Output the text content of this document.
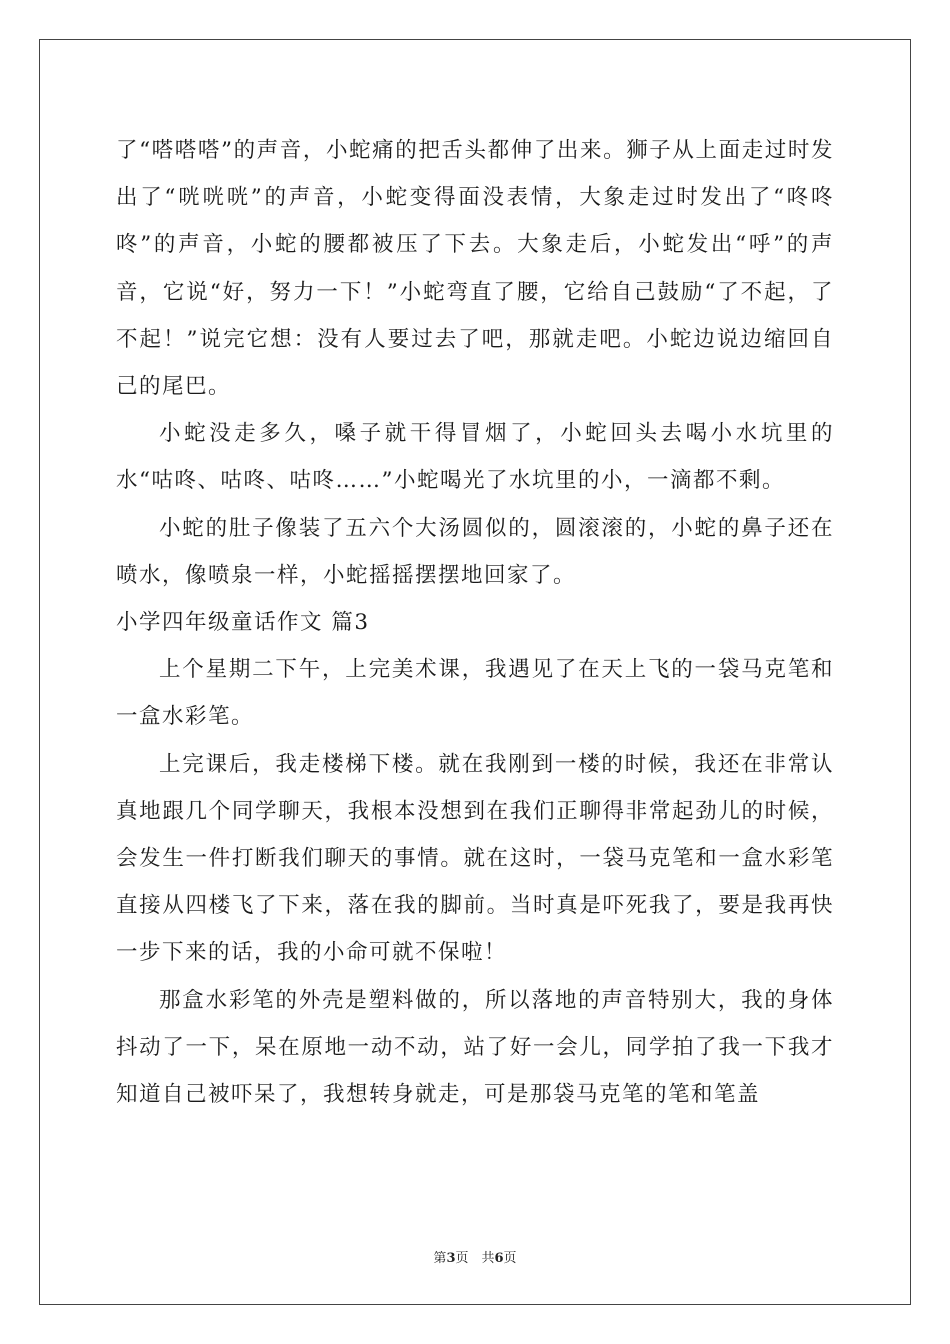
了“嗒嗒嗒”的声音，小蛇痛的把舌头都伸了出来。狮子从上面走过时发出了“咣咣咣”的声音，小蛇变得面没表情，大象走过时发出了“咚咚咚”的声音，小蛇的腰都被压了下去。大象走后，小蛇发出“呼”的声音，它说“好，努力一下！”小蛇弯直了腰，它给自己鼓励“了不起，了不起！”说完它想：没有人要过去了吧，那就走吧。小蛇边说边缩回自己的尾巴。

小蛇没走多久，嗓子就干得冒烟了，小蛇回头去喝小水坑里的水“咕咚、咕咚、咕咚……”小蛇喝光了水坑里的小，一滴都不剩。

小蛇的肚子像装了五六个大汤圆似的，圆滚滚的，小蛇的鼻子还在喷水，像喷泉一样，小蛇摇摇摆摆地回家了。

小学四年级童话作文 篇3

上个星期二下午，上完美术课，我遇见了在天上飞的一袋马克笔和一盒水彩笔。

上完课后，我走楼梯下楼。就在我刚到一楼的时候，我还在非常认真地跟几个同学聊天，我根本没想到在我们正聊得非常起劲儿的时候，会发生一件打断我们聊天的事情。就在这时，一袋马克笔和一盒水彩笔直接从四楼飞了下来，落在我的脚前。当时真是吓死我了，要是我再快一步下来的话，我的小命可就不保啦！

那盒水彩笔的外壳是塑料做的，所以落地的声音特别大，我的身体抖动了一下，呆在原地一动不动，站了好一会儿，同学拍了我一下我才知道自己被吓呆了，我想转身就走，可是那袋马克笔的笔和笔盖

第3页　共6页
